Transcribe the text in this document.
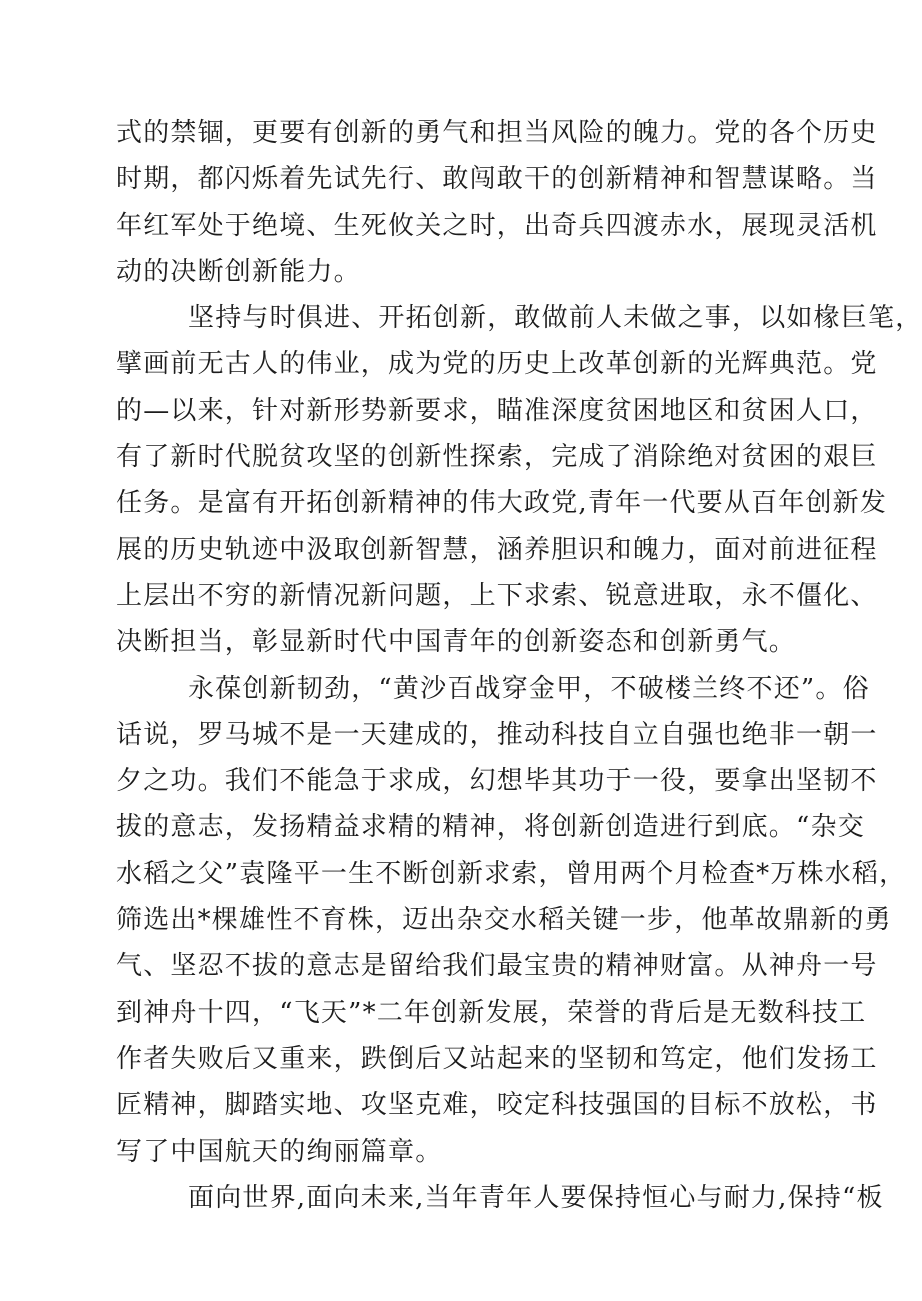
式的禁锢，更要有创新的勇气和担当风险的魄力。党的各个历史
时期，都闪烁着先试先行、敢闯敢干的创新精神和智慧谋略。当
年红军处于绝境、生死攸关之时，出奇兵四渡赤水，展现灵活机
动的决断创新能力。
坚持与时俱进、开拓创新，敢做前人未做之事，以如椽巨笔，
擘画前无古人的伟业，成为党的历史上改革创新的光辉典范。党
的—以来，针对新形势新要求，瞄准深度贫困地区和贫困人口，
有了新时代脱贫攻坚的创新性探索，完成了消除绝对贫困的艰巨
任务。是富有开拓创新精神的伟大政党,青年一代要从百年创新发
展的历史轨迹中汲取创新智慧，涵养胆识和魄力，面对前进征程
上层出不穷的新情况新问题，上下求索、锐意进取，永不僵化、
决断担当，彰显新时代中国青年的创新姿态和创新勇气。
永葆创新韧劲，“黄沙百战穿金甲，不破楼兰终不还”。俗
话说，罗马城不是一天建成的，推动科技自立自强也绝非一朝一
夕之功。我们不能急于求成，幻想毕其功于一役，要拿出坚韧不
拔的意志，发扬精益求精的精神，将创新创造进行到底。“杂交
水稻之父”袁隆平一生不断创新求索，曾用两个月检查*万株水稻，
筛选出*棵雄性不育株，迈出杂交水稻关键一步，他革故鼎新的勇
气、坚忍不拔的意志是留给我们最宝贵的精神财富。从神舟一号
到神舟十四，“飞天”*二年创新发展，荣誉的背后是无数科技工
作者失败后又重来，跌倒后又站起来的坚韧和笃定，他们发扬工
匠精神，脚踏实地、攻坚克难，咬定科技强国的目标不放松，书
写了中国航天的绚丽篇章。
面向世界,面向未来,当年青年人要保持恒心与耐力,保持“板
